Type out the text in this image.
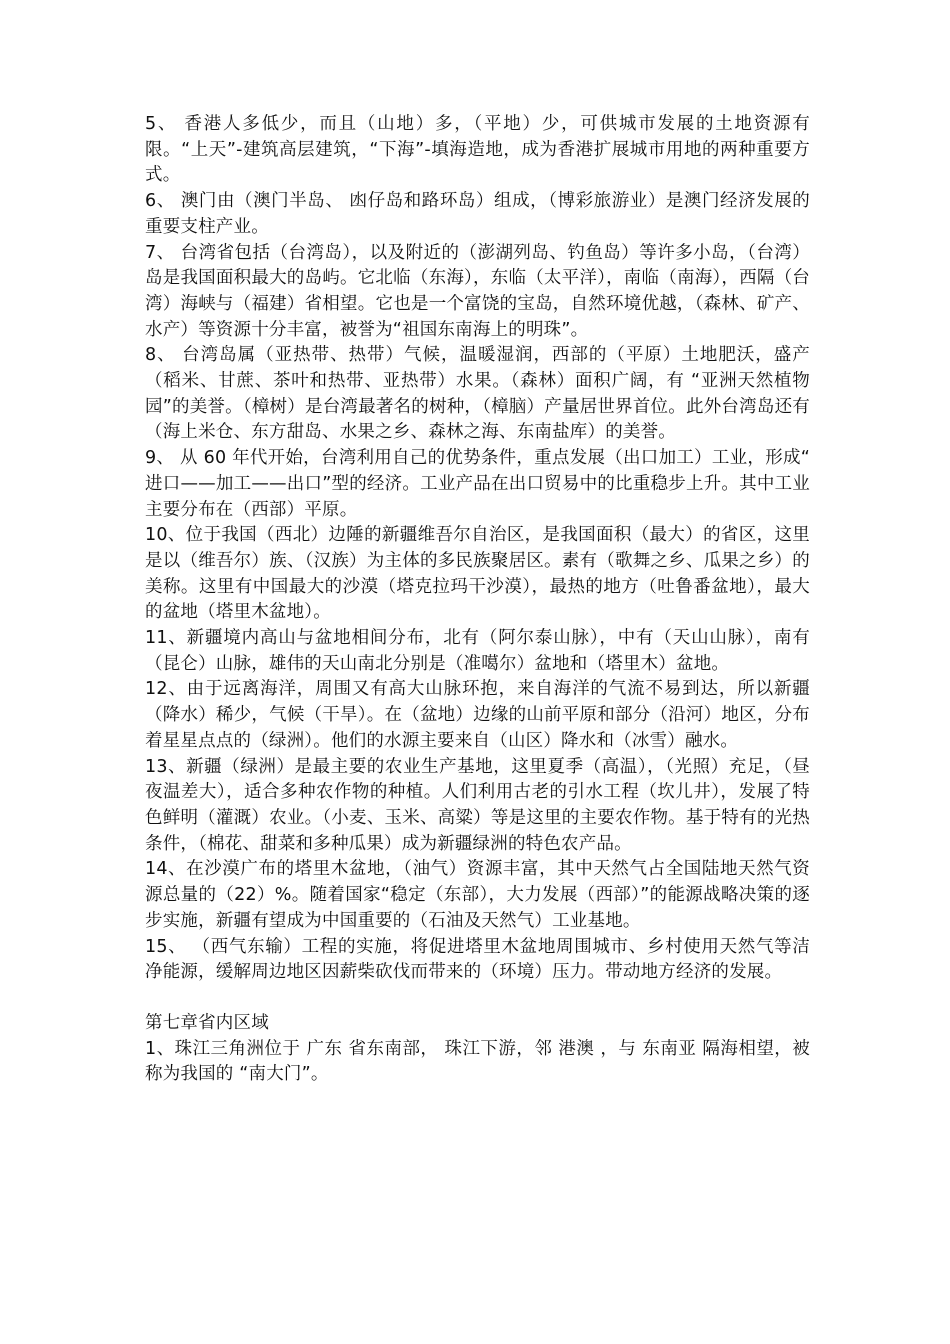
5、 香港人多低少，而且（山地）多，（平地）少，可供城市发展的土地资源有限。“上天”-建筑高层建筑，“下海”-填海造地，成为香港扩展城市用地的两种重要方式。

6、 澳门由（澳门半岛、 凼仔岛和路环岛）组成，（博彩旅游业）是澳门经济发展的重要支柱产业。

7、 台湾省包括（台湾岛），以及附近的（澎湖列岛、钓鱼岛）等许多小岛，（台湾）岛是我国面积最大的岛屿。它北临（东海），东临（太平洋），南临（南海），西隔（台湾）海峡与（福建）省相望。它也是一个富饶的宝岛，自然环境优越，（森林、矿产、水产）等资源十分丰富，被誉为“祖国东南海上的明珠”。

8、 台湾岛属（亚热带、热带）气候，温暖湿润，西部的（平原）土地肥沃，盛产（稻米、甘蔗、茶叶和热带、亚热带）水果。（森林）面积广阔，有 “亚洲天然植物园”的美誉。（樟树）是台湾最著名的树种，（樟脑）产量居世界首位。此外台湾岛还有（海上米仓、东方甜岛、水果之乡、森林之海、东南盐库）的美誉。

9、 从 60 年代开始，台湾利用自己的优势条件，重点发展（出口加工）工业，形成“ 进口——加工——出口”型的经济。工业产品在出口贸易中的比重稳步上升。其中工业主要分布在（西部）平原。

10、位于我国（西北）边陲的新疆维吾尔自治区，是我国面积（最大）的省区，这里是以（维吾尔）族、（汉族）为主体的多民族聚居区。素有（歌舞之乡、瓜果之乡）的美称。这里有中国最大的沙漠（塔克拉玛干沙漠），最热的地方（吐鲁番盆地），最大的盆地（塔里木盆地）。

11、新疆境内高山与盆地相间分布，北有（阿尔泰山脉），中有（天山山脉），南有（昆仑）山脉，雄伟的天山南北分别是（准噶尔）盆地和（塔里木）盆地。

12、由于远离海洋，周围又有高大山脉环抱，来自海洋的气流不易到达，所以新疆（降水）稀少，气候（干旱）。在（盆地）边缘的山前平原和部分（沿河）地区，分布着星星点点的（绿洲）。他们的水源主要来自（山区）降水和（冰雪）融水。

13、新疆（绿洲）是最主要的农业生产基地，这里夏季（高温），（光照）充足，（昼夜温差大），适合多种农作物的种植。人们利用古老的引水工程（坎儿井），发展了特色鲜明（灌溉）农业。（小麦、玉米、高粱）等是这里的主要农作物。基于特有的光热条件，（棉花、甜菜和多种瓜果）成为新疆绿洲的特色农产品。

14、在沙漠广布的塔里木盆地，（油气）资源丰富，其中天然气占全国陆地天然气资源总量的（22）%。随着国家“稳定（东部），大力发展（西部）”的能源战略决策的逐步实施，新疆有望成为中国重要的（石油及天然气）工业基地。

15、 （西气东输）工程的实施，将促进塔里木盆地周围城市、乡村使用天然气等洁净能源，缓解周边地区因薪柴砍伐而带来的（环境）压力。带动地方经济的发展。

第七章省内区域

1、珠江三角洲位于 广东 省东南部， 珠江下游，邻 港澳 ，与 东南亚 隔海相望，被称为我国的 “南大门”。
